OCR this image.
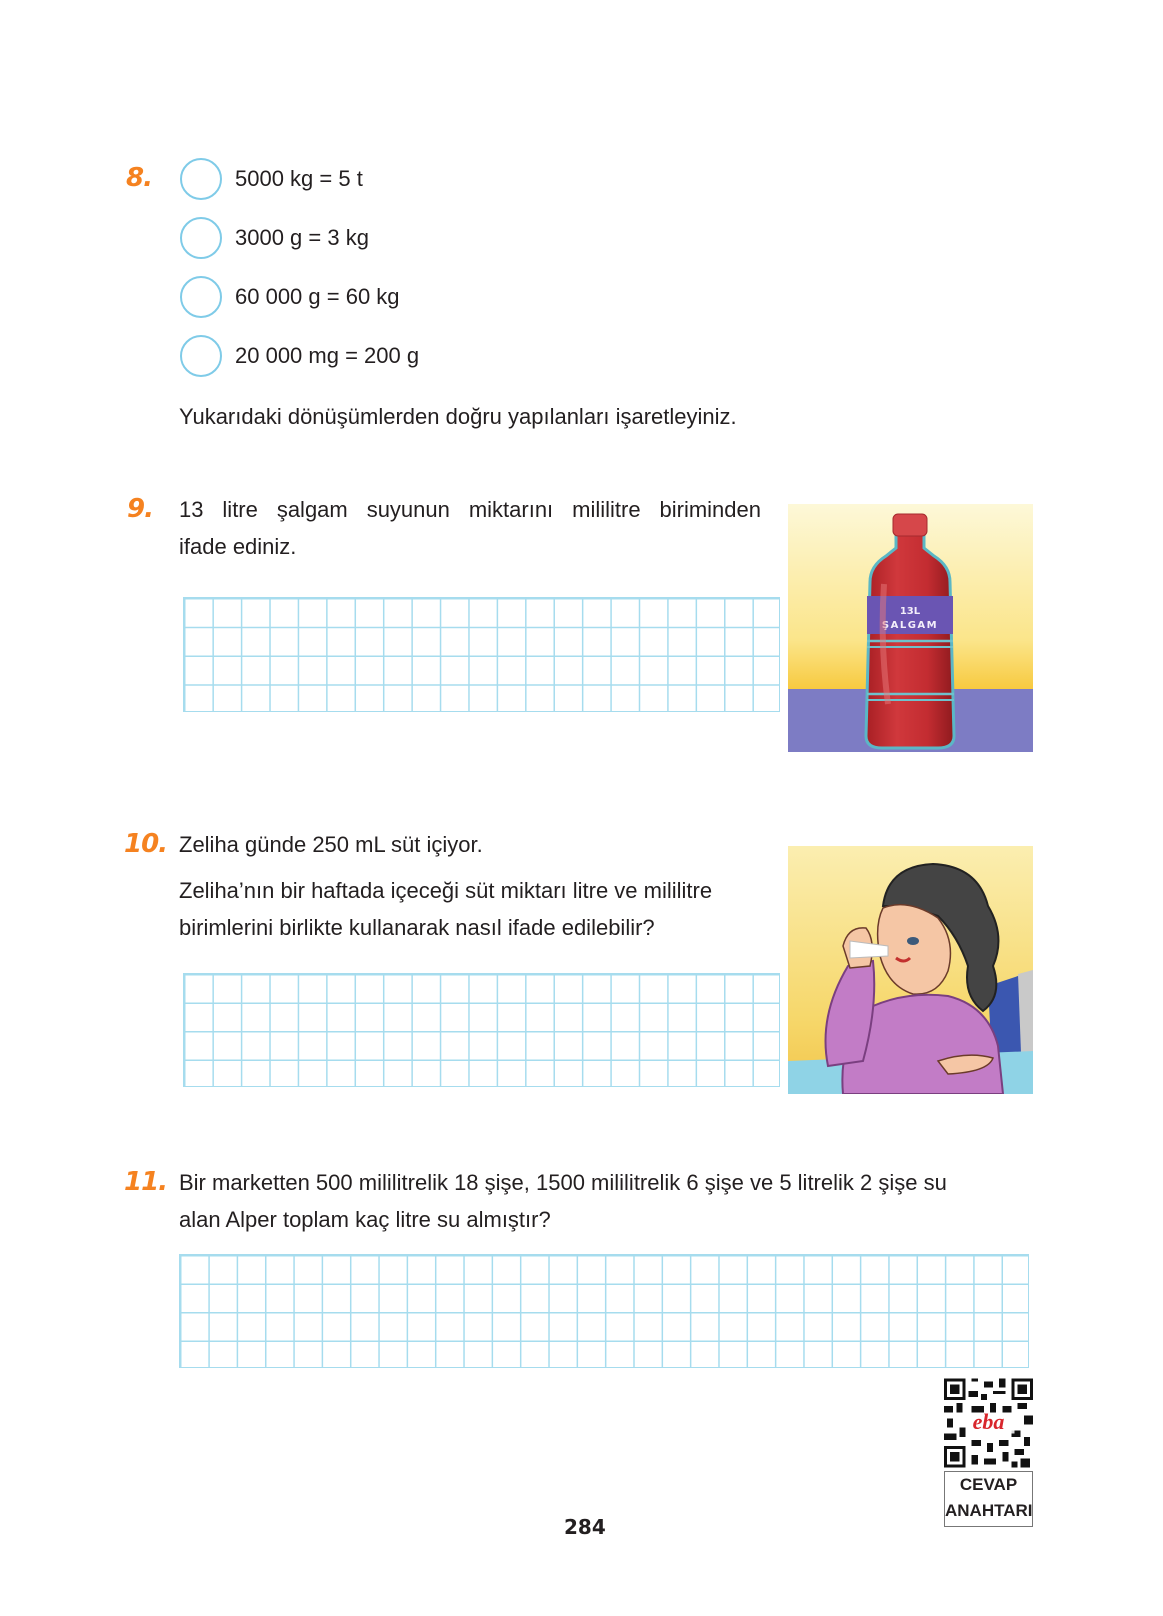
8.	5000 kg = 5 t
3000 g = 3 kg
60 000 g = 60 kg
20 000 mg = 200 g
Yukarıdaki dönüşümlerden doğru yapılanları işaretleyiniz.
9. 13 litre şalgam suyunun miktarını mililitre biriminden
ifade ediniz.
13L
ŞALGAM
10. Zeliha günde 250 mL süt içiyor.
Zeliha’nın bir haftada içeceği süt miktarı litre ve mililitre
birimlerini birlikte kullanarak nasıl ifade edilebilir?
11. Bir marketten 500 mililitrelik 18 şişe, 1500 mililitrelik 6 şişe ve 5 litrelik 2 şişe su
alan Alper toplam kaç litre su almıştır?
eba
CEVAP
ANAHTARI
284
